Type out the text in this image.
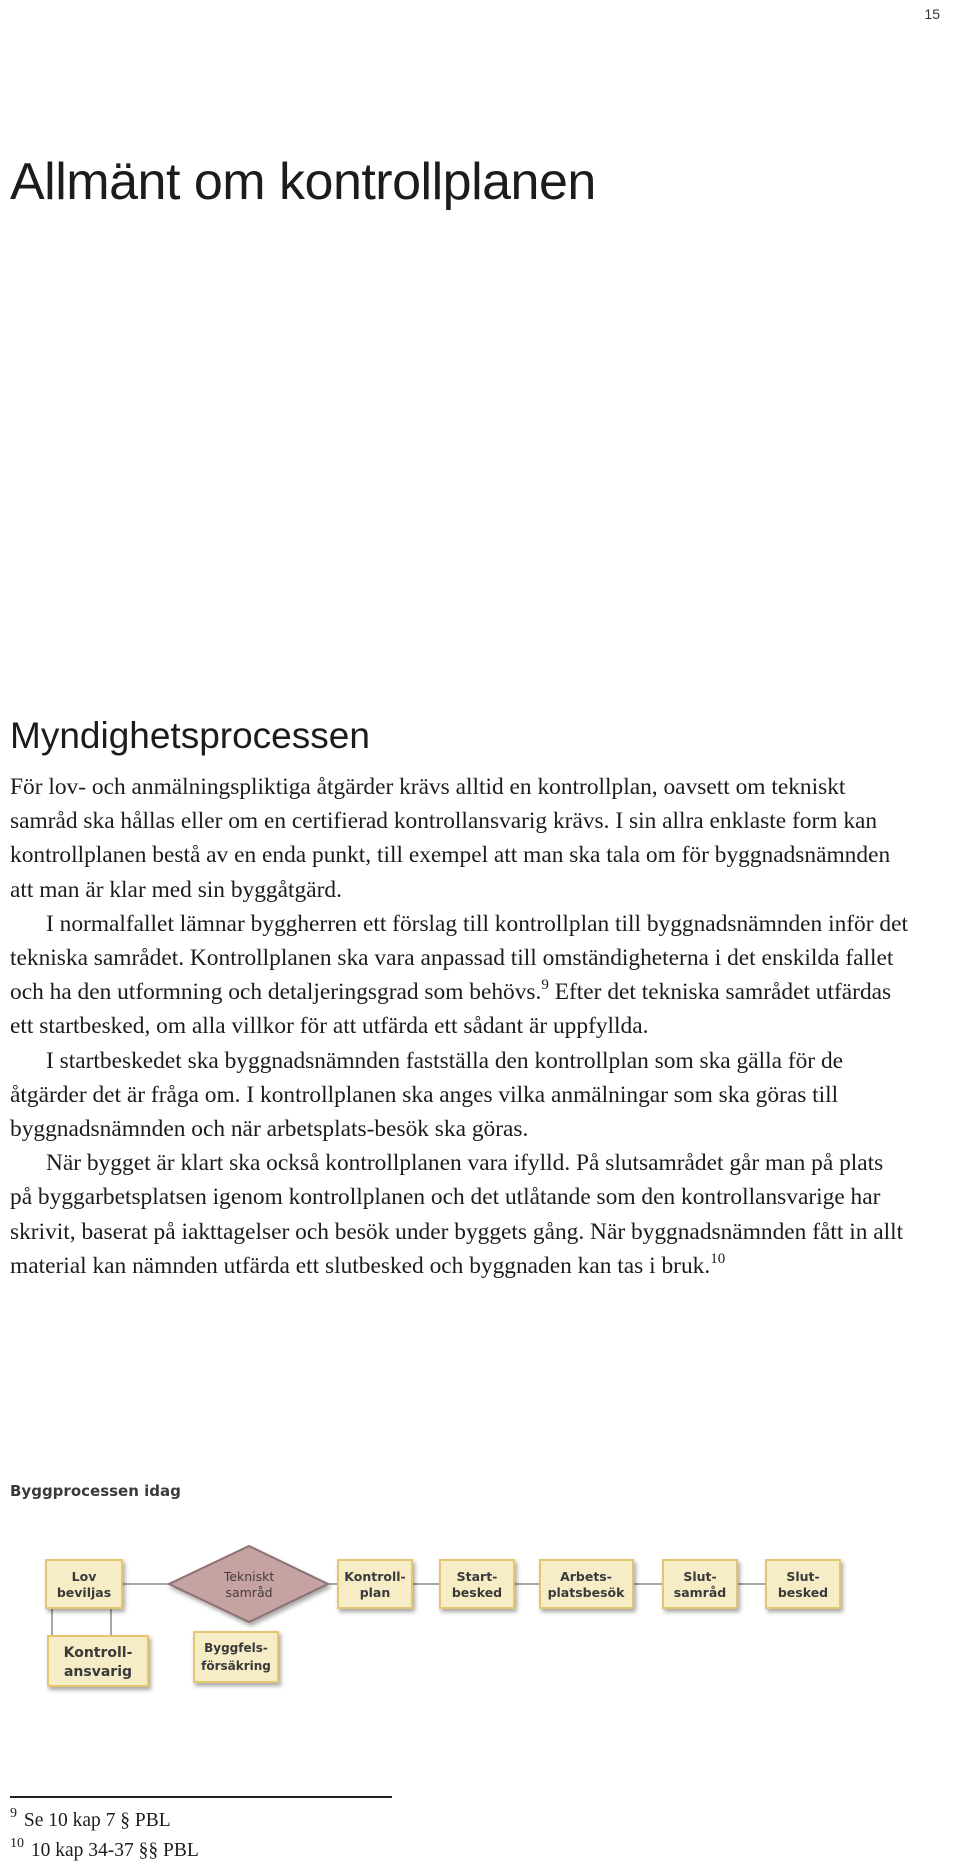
15
Allmänt om kontrollplanen
Myndighetsprocessen

För lov- och anmälningspliktiga åtgärder krävs alltid en kontrollplan, oavsett om tekniskt samråd ska hållas eller om en certifierad kontrollansvarig krävs. I sin allra enklaste form kan kontrollplanen bestå av en enda punkt, till exempel att man ska tala om för byggnadsnämnden att man är klar med sin byggåtgärd.

I normalfallet lämnar byggherren ett förslag till kontrollplan till byggnadsnämnden inför det tekniska samrådet. Kontrollplanen ska vara anpassad till omständigheterna i det enskilda fallet och ha den utformning och detaljeringsgrad som behövs.$^9$ Efter det tekniska samrådet utfärdas ett startbesked, om alla villkor för att utfärda ett sådant är uppfyllda.

I startbeskedet ska byggnadsnämnden fastställa den kontrollplan som ska gälla för de åtgärder det är fråga om. I kontrollplanen ska anges vilka anmälningar som ska göras till byggnadsnämnden och när arbetsplats-besök ska göras.

När bygget är klart ska också kontrollplanen vara ifylld. På slutsamrådet går man på plats på byggarbetsplatsen igenom kontrollplanen och det utlåtande som den kontrollansvarige har skrivit, baserat på iakttagelser och besök under byggets gång. När byggnadsnämnden fått in allt material kan nämnden utfärda ett slutbesked och byggnaden kan tas i bruk.$^{10}$

Byggprocessen idag
Lov
beviljas
Tekniskt
samråd
Kontroll-
plan
Start-
besked
Arbets-
platsbesök
Slut-
samråd
Slut-
besked
Kontroll-
ansvarig
Byggfels-
försäkring
$^9$ Se 10 kap 7 § PBL
$^{10}$ 10 kap 34-37 §§ PBL
